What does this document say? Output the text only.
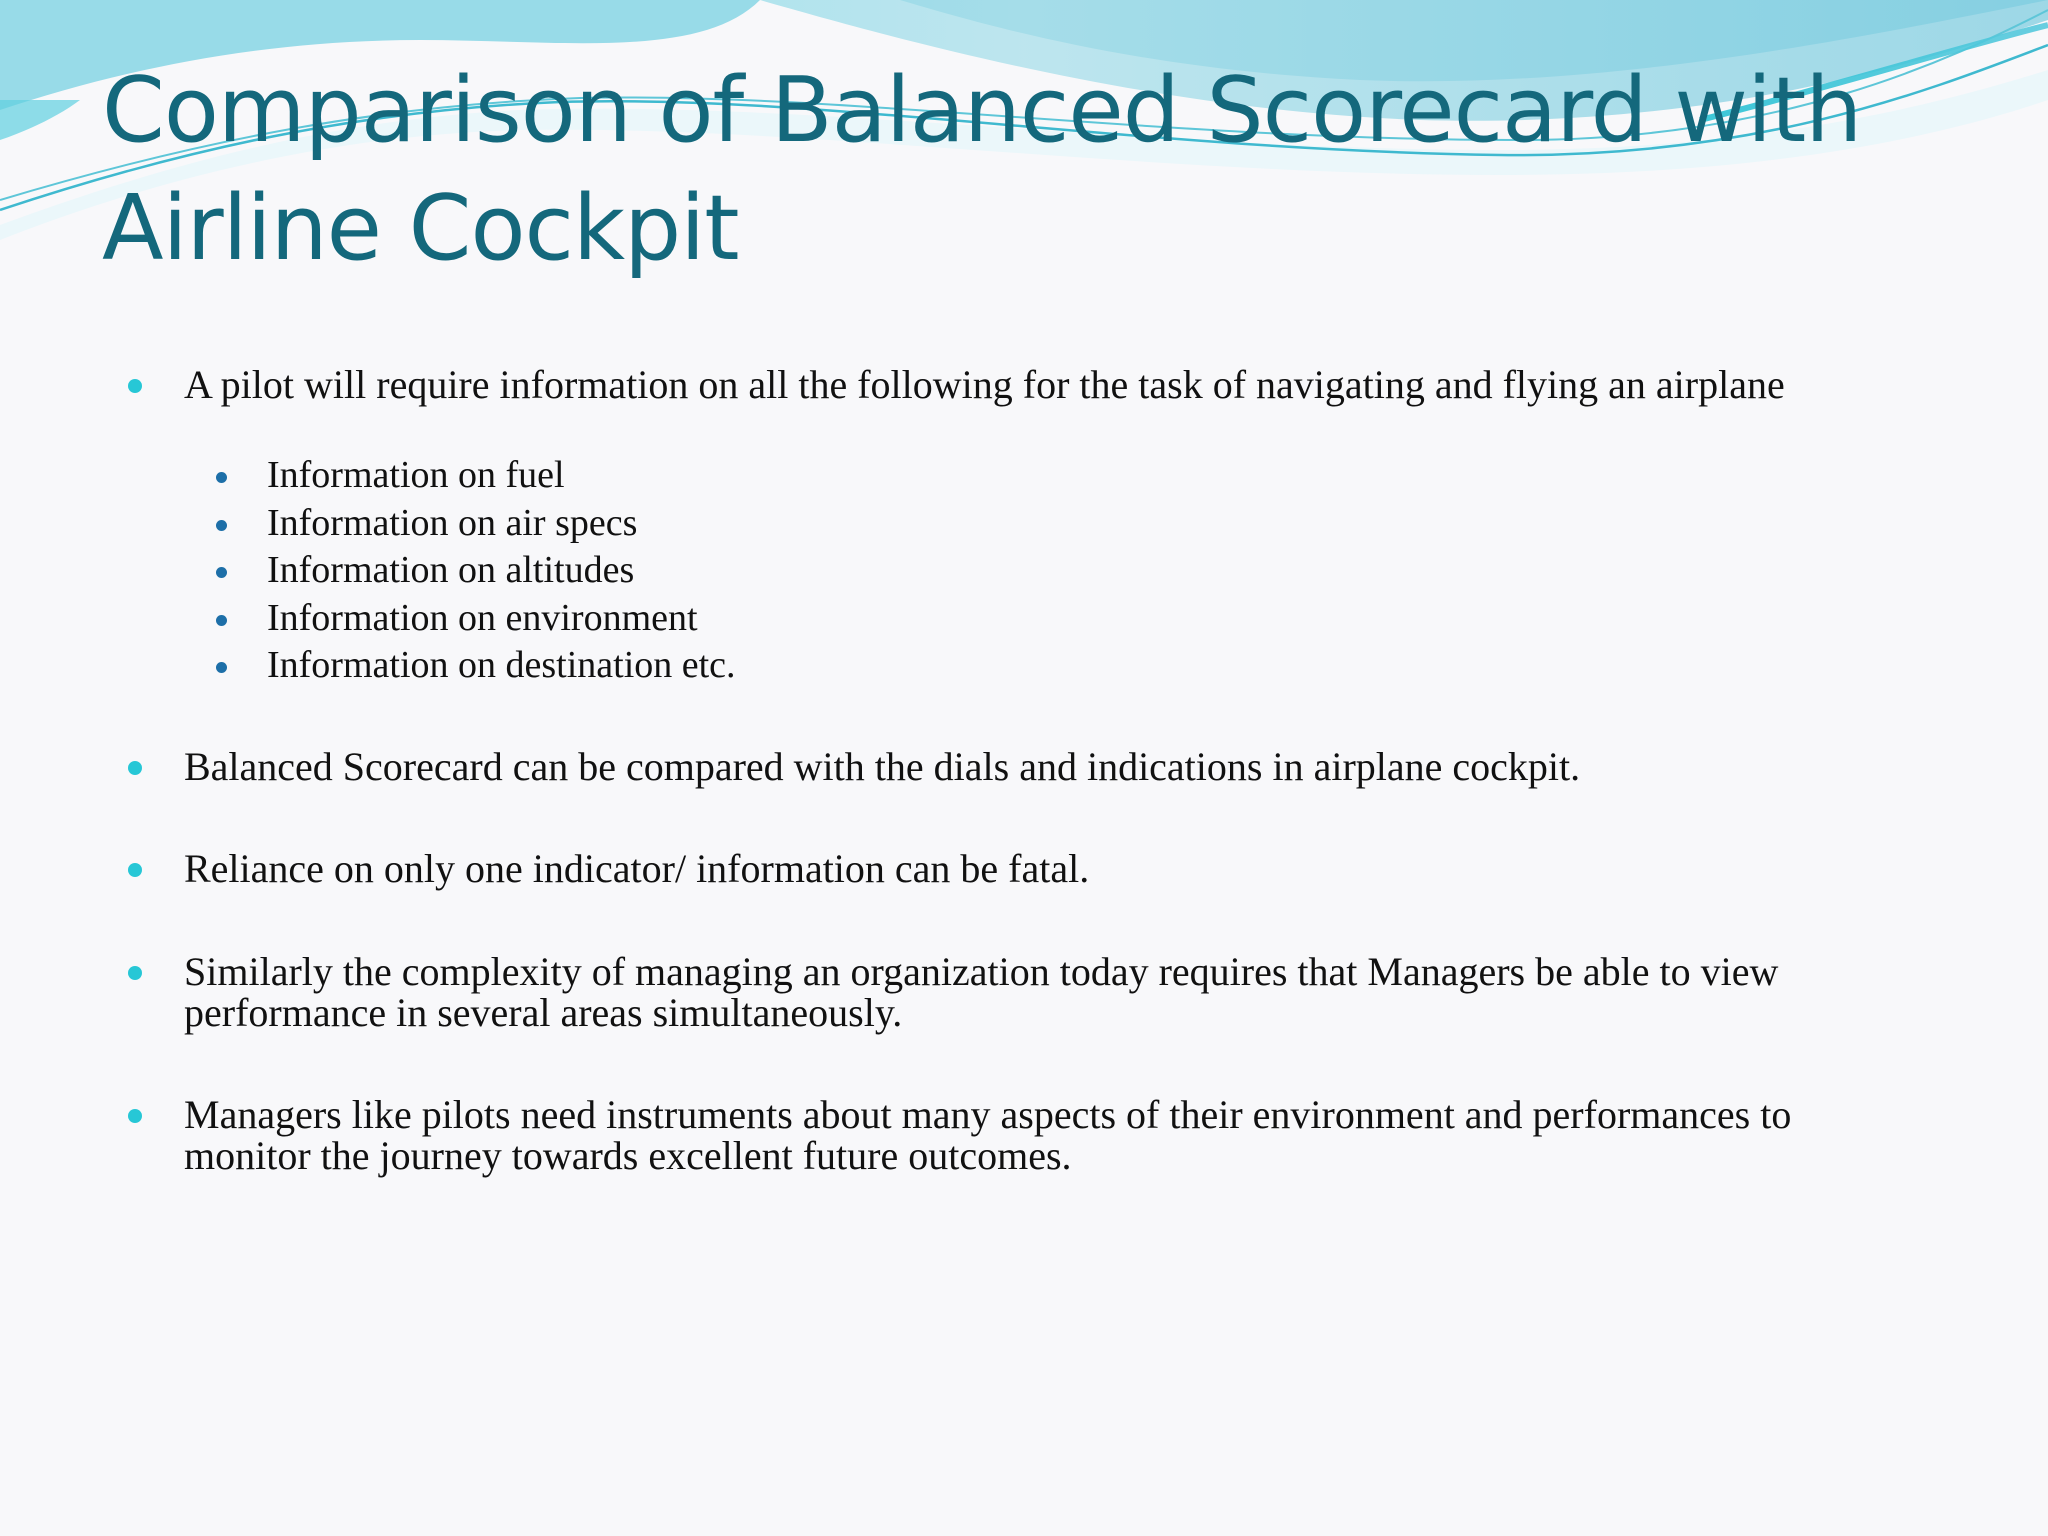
Comparison of Balanced Scorecard with
Airline Cockpit
A pilot will require information on all the following for the task of navigating and flying an airplane
Information on fuel
Information on air specs
Information on altitudes
Information on environment
Information on destination etc.
Balanced Scorecard can be compared with the dials and indications in airplane cockpit.
Reliance on only one indicator/ information can be fatal.
Similarly the complexity of managing an organization today requires that Managers be able to view performance in several areas simultaneously.
Managers like pilots need instruments about many aspects of their environment and performances to monitor the journey towards excellent future outcomes.
